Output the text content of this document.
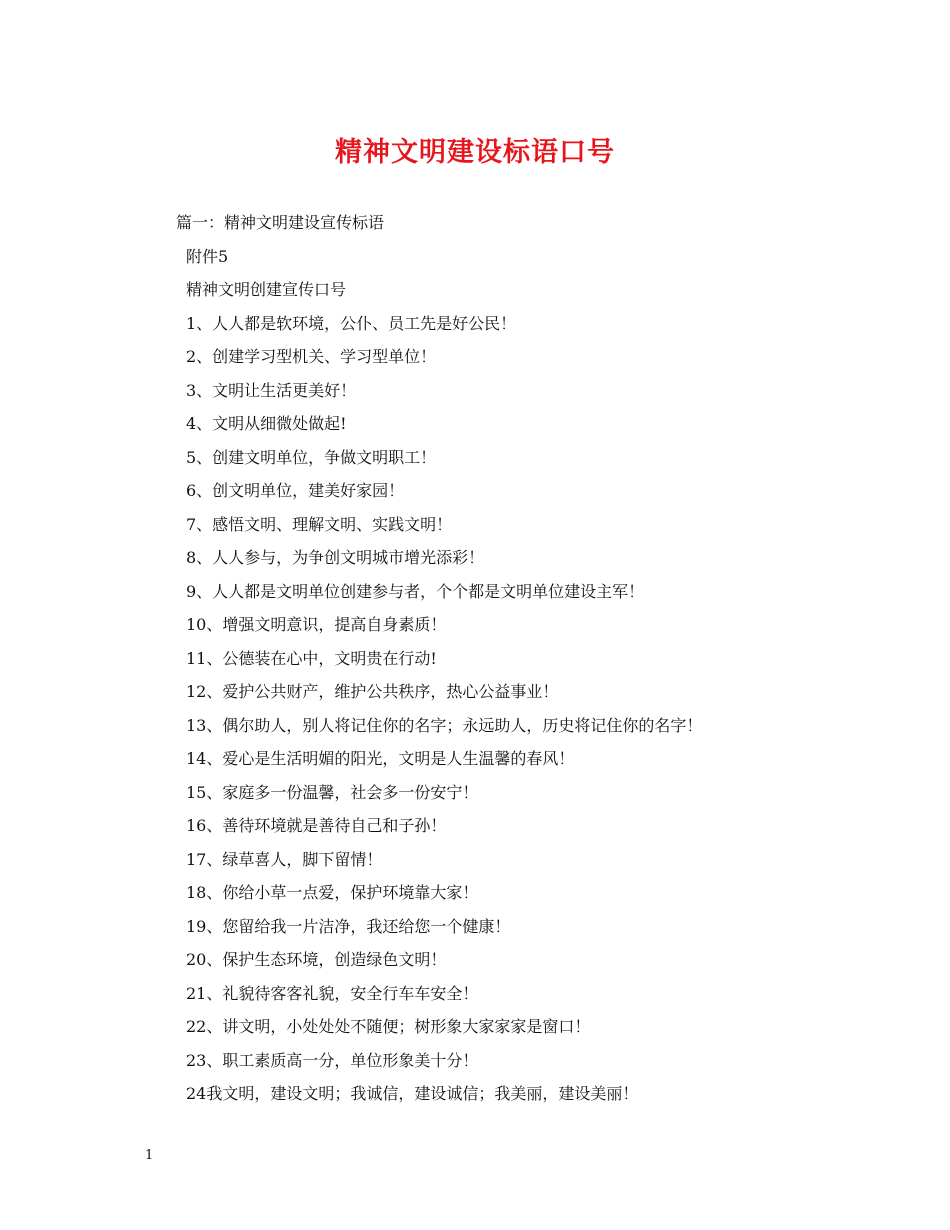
精神文明建设标语口号

篇一：精神文明建设宣传标语

附件5

精神文明创建宣传口号

1、人人都是软环境，公仆、员工先是好公民！

2、创建学习型机关、学习型单位！

3、文明让生活更美好！

4、文明从细微处做起!

5、创建文明单位，争做文明职工！

6、创文明单位，建美好家园！

7、感悟文明、理解文明、实践文明！

8、人人参与，为争创文明城市增光添彩！

9、人人都是文明单位创建参与者，个个都是文明单位建设主军！

10、增强文明意识，提高自身素质！

11、公德装在心中，文明贵在行动!

12、爱护公共财产，维护公共秩序，热心公益事业！

13、偶尔助人，别人将记住你的名字；永远助人，历史将记住你的名字！

14、爱心是生活明媚的阳光，文明是人生温馨的春风！

15、家庭多一份温馨，社会多一份安宁！

16、善待环境就是善待自己和子孙！

17、绿草喜人，脚下留情！

18、你给小草一点爱，保护环境靠大家！

19、您留给我一片洁净，我还给您一个健康！

20、保护生态环境，创造绿色文明！

21、礼貌待客客礼貌，安全行车车安全！

22、讲文明，小处处处不随便；树形象大家家家是窗口！

23、职工素质高一分，单位形象美十分！

24我文明，建设文明；我诚信，建设诚信；我美丽，建设美丽！

1
